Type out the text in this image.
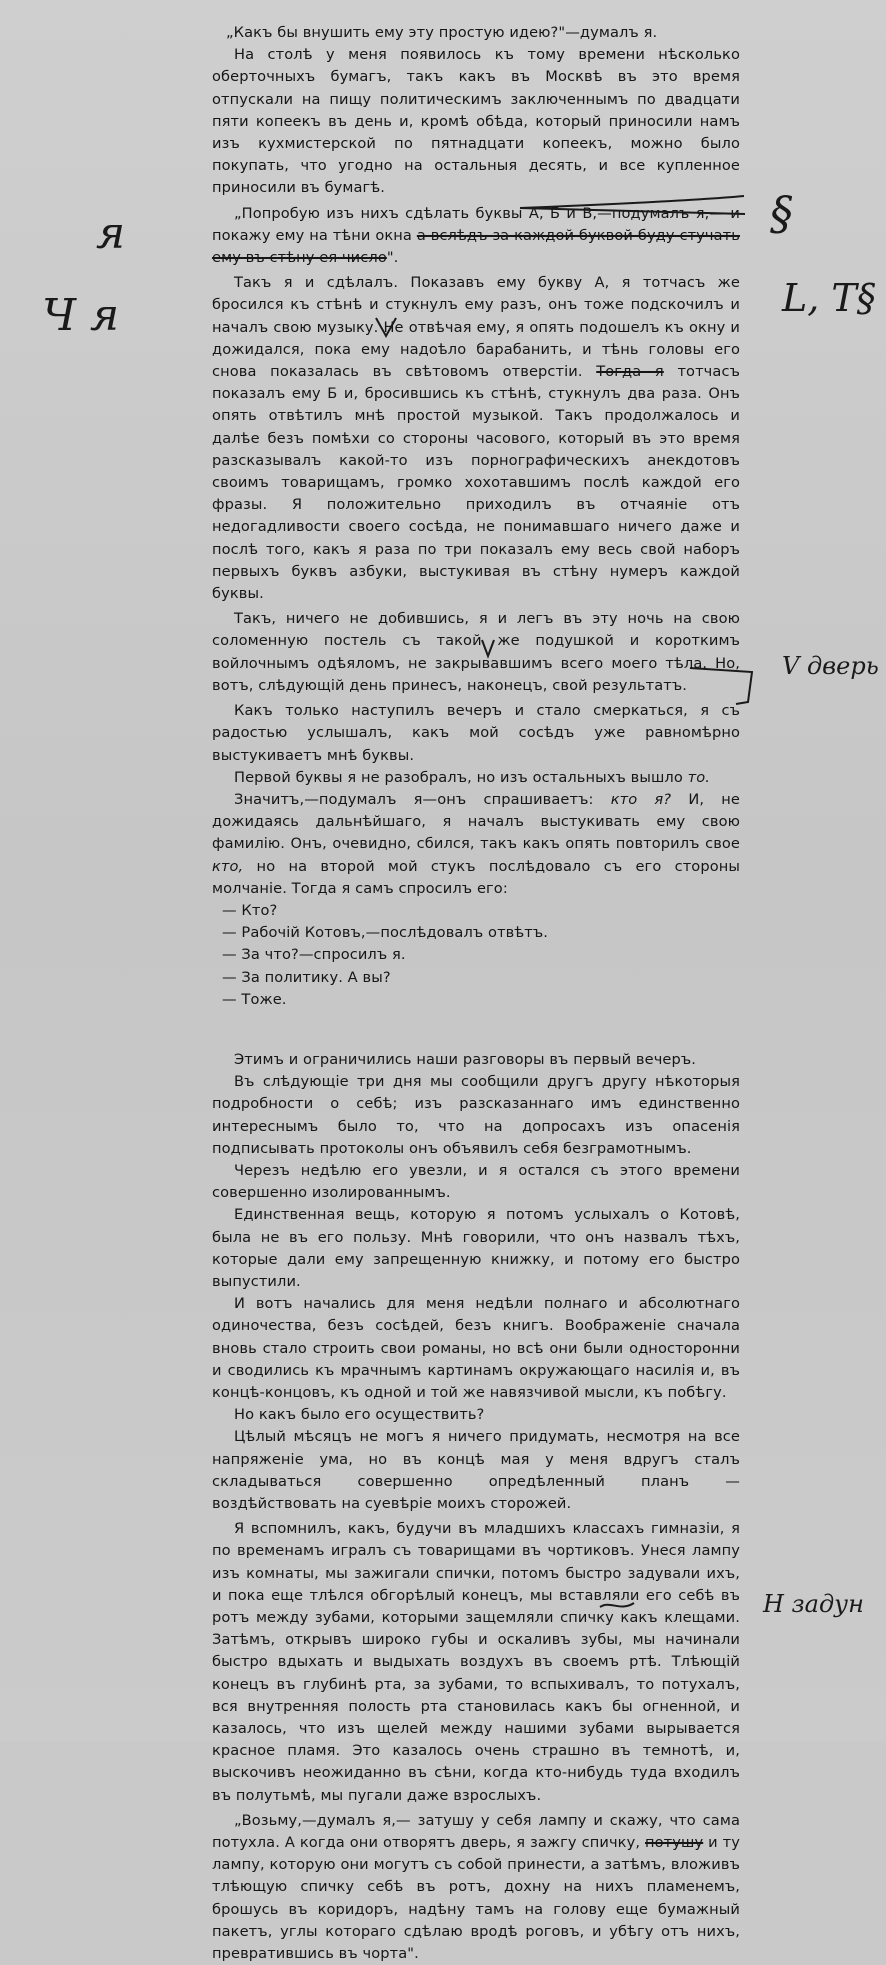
„Какъ бы внушить ему эту простую идею?"—думалъ я.

На столѣ у меня появилось къ тому времени нѣсколько оберточныхъ бумагъ, такъ какъ въ Москвѣ въ это время отпускали на пищу политическимъ заключеннымъ по двадцати пяти копеекъ въ день и, кромѣ обѣда, который приносили намъ изъ кухмистерской по пятнадцати копеекъ, можно было покупать, что угодно на остальныя десять, и все купленное приносили въ бумагѣ.

„Попробую изъ нихъ сдѣлать буквы А, Б и В,—подумалъ я,— и покажу ему на тѣни окна а вслѣдъ за каждой буквой буду стучать ему въ стѣну ея число".

Такъ я и сдѣлалъ. Показавъ ему букву А, я тотчасъ же бросился къ стѣнѣ и стукнулъ ему разъ, онъ тоже подскочилъ и началъ свою музыку. Не отвѣчая ему, я опять подошелъ къ окну и дожидался, пока ему надоѣло барабанить, и тѣнь головы его снова показалась въ свѣтовомъ отверстіи. Тогда я тотчасъ показалъ ему Б и, бросившись къ стѣнѣ, стукнулъ два раза. Онъ опять отвѣтилъ мнѣ простой музыкой. Такъ продолжалось и далѣе безъ помѣхи со стороны часового, который въ это время разсказывалъ какой-то изъ порнографическихъ анекдотовъ своимъ товарищамъ, громко хохотавшимъ послѣ каждой его фразы. Я положительно приходилъ въ отчаяніе отъ недогадливости своего сосѣда, не понимавшаго ничего даже и послѣ того, какъ я раза по три показалъ ему весь свой наборъ первыхъ буквъ азбуки, выстукивая въ стѣну нумеръ каждой буквы.

Такъ, ничего не добившись, я и легъ въ эту ночь на свою соломенную постель съ такой же подушкой и короткимъ войлочнымъ одѣяломъ, не закрывавшимъ всего моего тѣла. Но, вотъ, слѣдующій день принесъ, наконецъ, свой результатъ.

Какъ только наступилъ вечеръ и стало смеркаться, я съ радостью услышалъ, какъ мой сосѣдъ уже равномѣрно выстукиваетъ мнѣ буквы.

Первой буквы я не разобралъ, но изъ остальныхъ вышло то.

Значитъ,—подумалъ я—онъ спрашиваетъ: кто я? И, не дожидаясь дальнѣйшаго, я началъ выстукивать ему свою фамилію. Онъ, очевидно, сбился, такъ какъ опять повторилъ свое кто, но на второй мой стукъ послѣдовало съ его стороны молчаніе. Тогда я самъ спросилъ его:

— Кто?

— Рабочій Котовъ,—послѣдовалъ отвѣтъ.

— За что?—спросилъ я.

— За политику. А вы?

— Тоже.

Этимъ и ограничились наши разговоры въ первый вечеръ.

Въ слѣдующіе три дня мы сообщили другъ другу нѣкоторыя подробности о себѣ; изъ разсказаннаго имъ единственно интереснымъ было то, что на допросахъ изъ опасенія подписывать протоколы онъ объявилъ себя безграмотнымъ.

Черезъ недѣлю его увезли, и я остался съ этого времени совершенно изолированнымъ.

Единственная вещь, которую я потомъ услыхалъ о Котовѣ, была не въ его пользу. Мнѣ говорили, что онъ назвалъ тѣхъ, которые дали ему запрещенную книжку, и потому его быстро выпустили.

И вотъ начались для меня недѣли полнаго и абсолютнаго одиночества, безъ сосѣдей, безъ книгъ. Воображеніе сначала вновь стало строить свои романы, но всѣ они были односторонни и сводились къ мрачнымъ картинамъ окружающаго насилія и, въ концѣ-концовъ, къ одной и той же навязчивой мысли, къ побѣгу.

Но какъ было его осуществить?

Цѣлый мѣсяцъ не могъ я ничего придумать, несмотря на все напряженіе ума, но въ концѣ мая у меня вдругъ сталъ складываться совершенно опредѣленный планъ — воздѣйствовать на суевѣріе моихъ сторожей.

Я вспомнилъ, какъ, будучи въ младшихъ классахъ гимназіи, я по временамъ игралъ съ товарищами въ чортиковъ. Унеся лампу изъ комнаты, мы зажигали спички, потомъ быстро задували ихъ, и пока еще тлѣлся обгорѣлый конецъ, мы вставляли его себѣ въ ротъ между зубами, которыми защемляли спичку какъ клещами. Затѣмъ, открывъ широко губы и оскаливъ зубы, мы начинали быстро вдыхать и выдыхать воздухъ въ своемъ ртѣ. Тлѣющій конецъ въ глубинѣ рта, за зубами, то вспыхивалъ, то потухалъ, вся внутренняя полость рта становилась какъ бы огненной, и казалось, что изъ щелей между нашими зубами вырывается красное пламя. Это казалось очень страшно въ темнотѣ, и, выскочивъ неожиданно въ сѣни, когда кто-нибудь туда входилъ въ полутьмѣ, мы пугали даже взрослыхъ.

„Возьму,—думалъ я,— затушу у себя лампу и скажу, что сама потухла. А когда они отворятъ дверь, я зажгу спичку, потушу и ту лампу, которую они могутъ съ собой принести, а затѣмъ, вложивъ тлѣющую спичку себѣ въ ротъ, дохну на нихъ пламенемъ, брошусь въ коридоръ, надѣну тамъ на голову еще бумажный пакетъ, углы котораго сдѣлаю вродѣ роговъ, и убѣгу отъ нихъ, превратившись въ чорта".

я
Ч я
§
L, Т§
V дверь
Н задун
